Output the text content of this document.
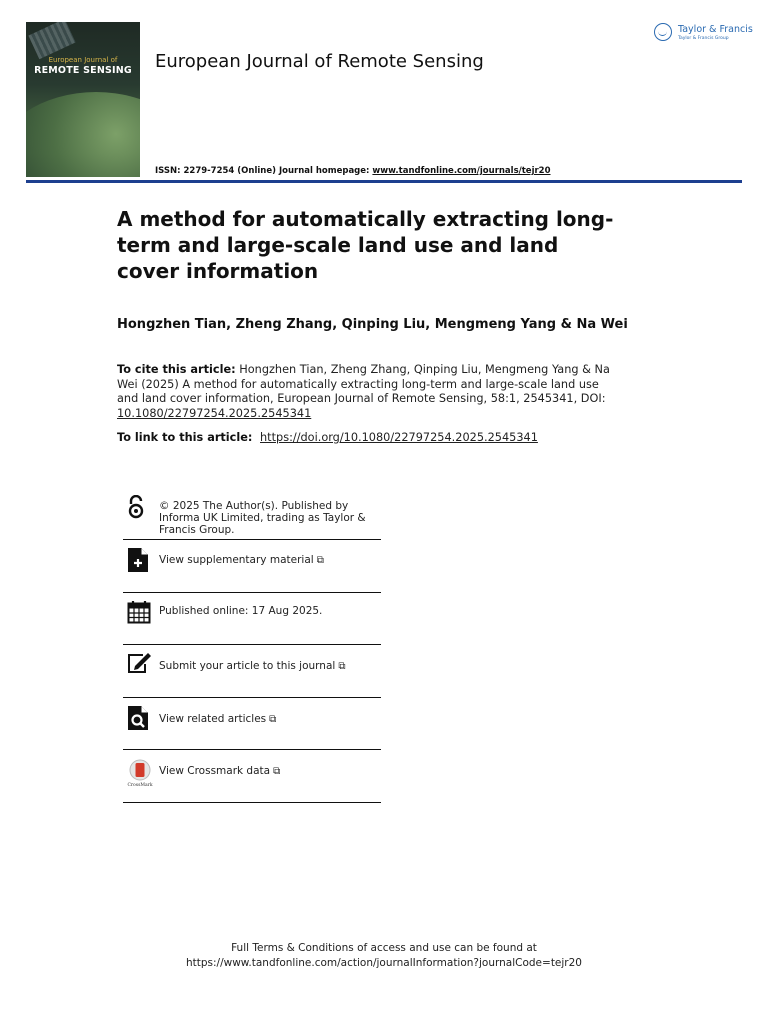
European Journal of
REMOTE SENSING	European Journal of Remote Sensing
Taylor & Francis
Taylor & Francis Group
ISSN: 2279-7254 (Online) Journal homepage: www.tandfonline.com/journals/tejr20
A method for automatically extracting long-term and large-scale land use and land cover information
Hongzhen Tian, Zheng Zhang, Qinping Liu, Mengmeng Yang & Na Wei
To cite this article: Hongzhen Tian, Zheng Zhang, Qinping Liu, Mengmeng Yang & Na Wei (2025) A method for automatically extracting long-term and large-scale land use and land cover information, European Journal of Remote Sensing, 58:1, 2545341, DOI: 10.1080/22797254.2025.2545341
To link to this article: https://doi.org/10.1080/22797254.2025.2545341
© 2025 The Author(s). Published by Informa UK Limited, trading as Taylor & Francis Group.
View supplementary material ⧉
Published online: 17 Aug 2025.
Submit your article to this journal ⧉
View related articles ⧉
CrossMark
View Crossmark data ⧉
Full Terms & Conditions of access and use can be found at
https://www.tandfonline.com/action/journalInformation?journalCode=tejr20
